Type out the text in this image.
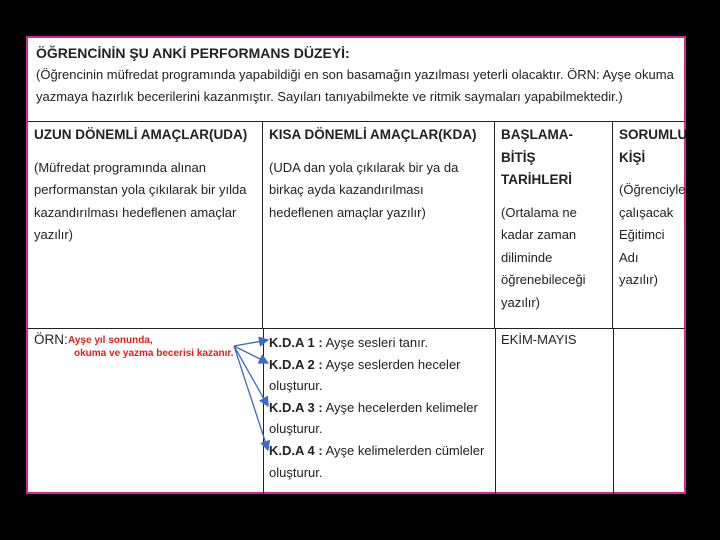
ÖĞRENCİNİN ŞU ANKİ PERFORMANS DÜZEYİ:
(Öğrencinin müfredat programında yapabildiği en son basamağın yazılması yeterli olacaktır. ÖRN: Ayşe okuma
yazmaya hazırlık becerilerini kazanmıştır. Sayıları tanıyabilmekte ve ritmik saymaları yapabilmektedir.)
UZUN DÖNEMLİ AMAÇLAR(UDA)
(Müfredat programında alınan
performanstan yola çıkılarak bir yılda
kazandırılması hedeflenen amaçlar
yazılır)
KISA DÖNEMLİ AMAÇLAR(KDA)
(UDA dan yola çıkılarak bir ya da
birkaç ayda kazandırılması
hedeflenen amaçlar yazılır)
BAŞLAMA-BİTİŞ
TARİHLERİ
(Ortalama ne
kadar zaman
diliminde
öğrenebileceği
yazılır)
SORUMLU
KİŞİ
(Öğrenciyle
çalışacak
Eğitimci
Adı yazılır)
ÖRN: Ayşe yıl sonunda,
okuma ve yazma becerisi kazanır.
K.D.A 1 : Ayşe sesleri tanır.
K.D.A 2 : Ayşe seslerden heceler
oluşturur.
K.D.A 3 : Ayşe hecelerden kelimeler
oluşturur.
K.D.A 4 : Ayşe kelimelerden cümleler
oluşturur.
EKİM-MAYIS
